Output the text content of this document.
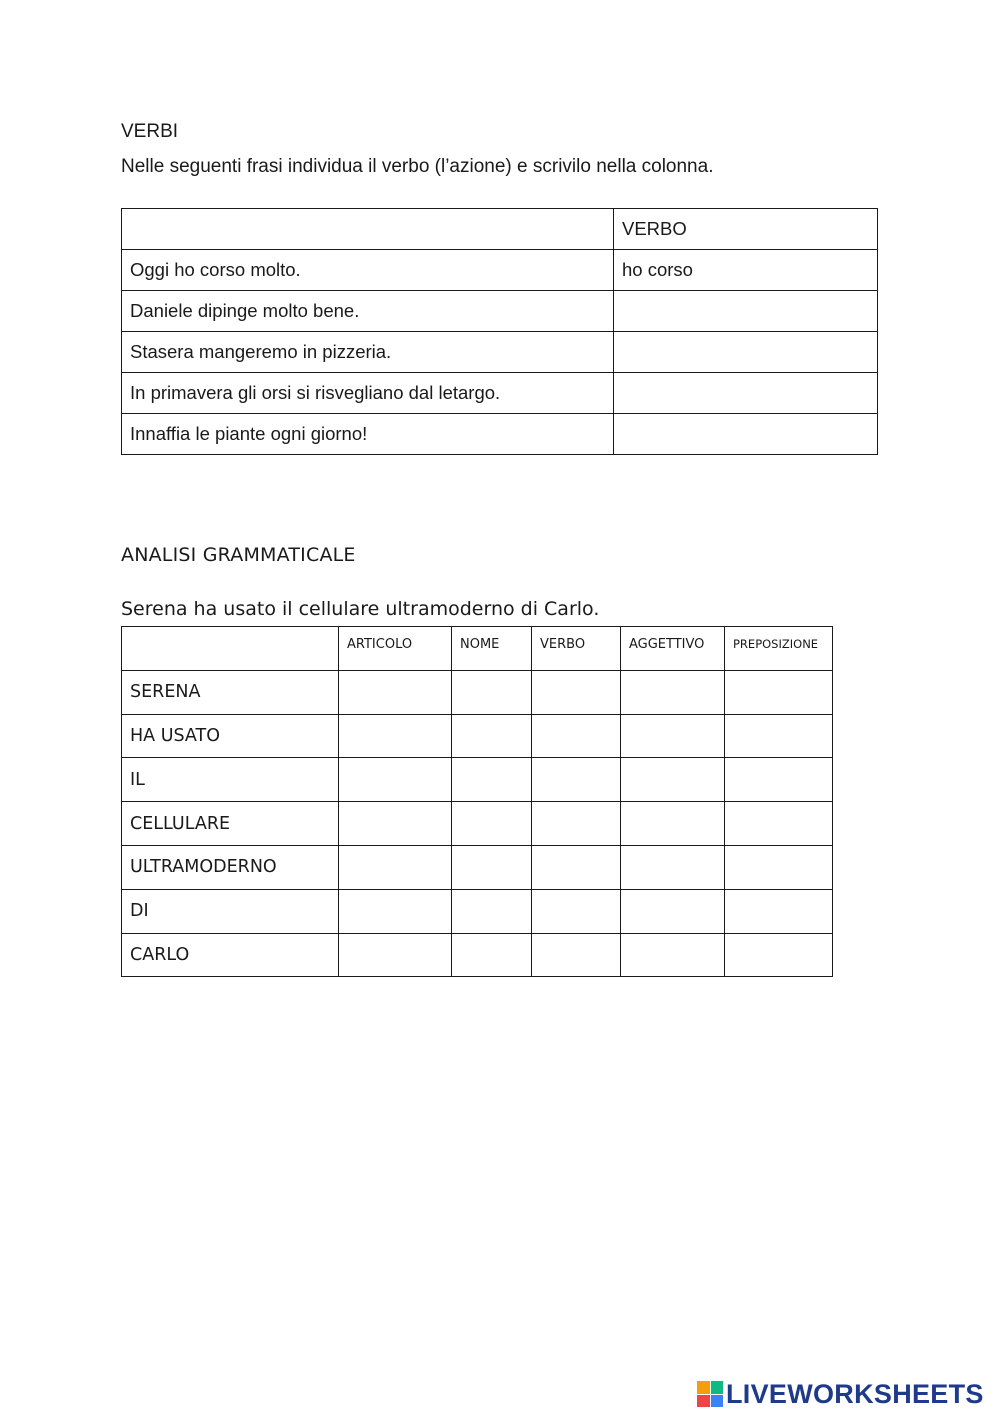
VERBI
Nelle seguenti frasi individua il verbo (l’azione) e scrivilo nella colonna.
	VERBO
Oggi ho corso molto.	ho corso
Daniele dipinge molto bene.	
Stasera mangeremo in pizzeria.	
In primavera gli orsi si risvegliano dal letargo.	
Innaffia le piante ogni giorno!	
ANALISI GRAMMATICALE
Serena ha usato il cellulare ultramoderno di Carlo.
	ARTICOLO	NOME	VERBO	AGGETTIVO	PREPOSIZIONE
SERENA					
HA USATO					
IL					
CELLULARE					
ULTRAMODERNO					
DI					
CARLO					
LIVEWORKSHEETS
